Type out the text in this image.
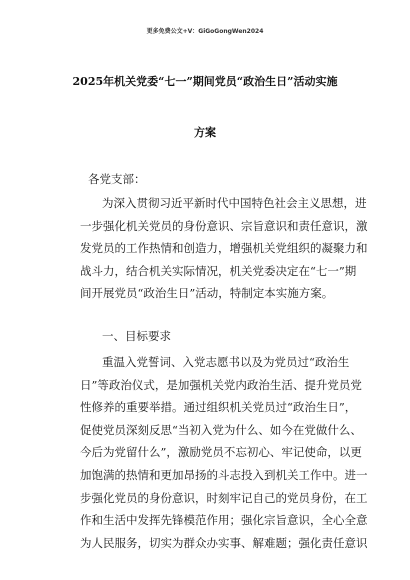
更多免费公文+V：GiGoGongWen2024
2025年机关党委“七一”期间党员“政治生日”活动实施
方案
各党支部：
为深入贯彻习近平新时代中国特色社会主义思想，进
一步强化机关党员的身份意识、宗旨意识和责任意识，激
发党员的工作热情和创造力，增强机关党组织的凝聚力和
战斗力，结合机关实际情况，机关党委决定在“七一”期
间开展党员“政治生日”活动，特制定本实施方案。
一、目标要求
重温入党誓词、入党志愿书以及为党员过“政治生
日”等政治仪式，是加强机关党内政治生活、提升党员党
性修养的重要举措。通过组织机关党员过“政治生日”，
促使党员深刻反思“当初入党为什么、如今在党做什么、
今后为党留什么”，激励党员不忘初心、牢记使命，以更
加饱满的热情和更加昂扬的斗志投入到机关工作中。进一
步强化党员的身份意识，时刻牢记自己的党员身份，在工
作和生活中发挥先锋模范作用；强化宗旨意识，全心全意
为人民服务，切实为群众办实事、解难题；强化责任意识
